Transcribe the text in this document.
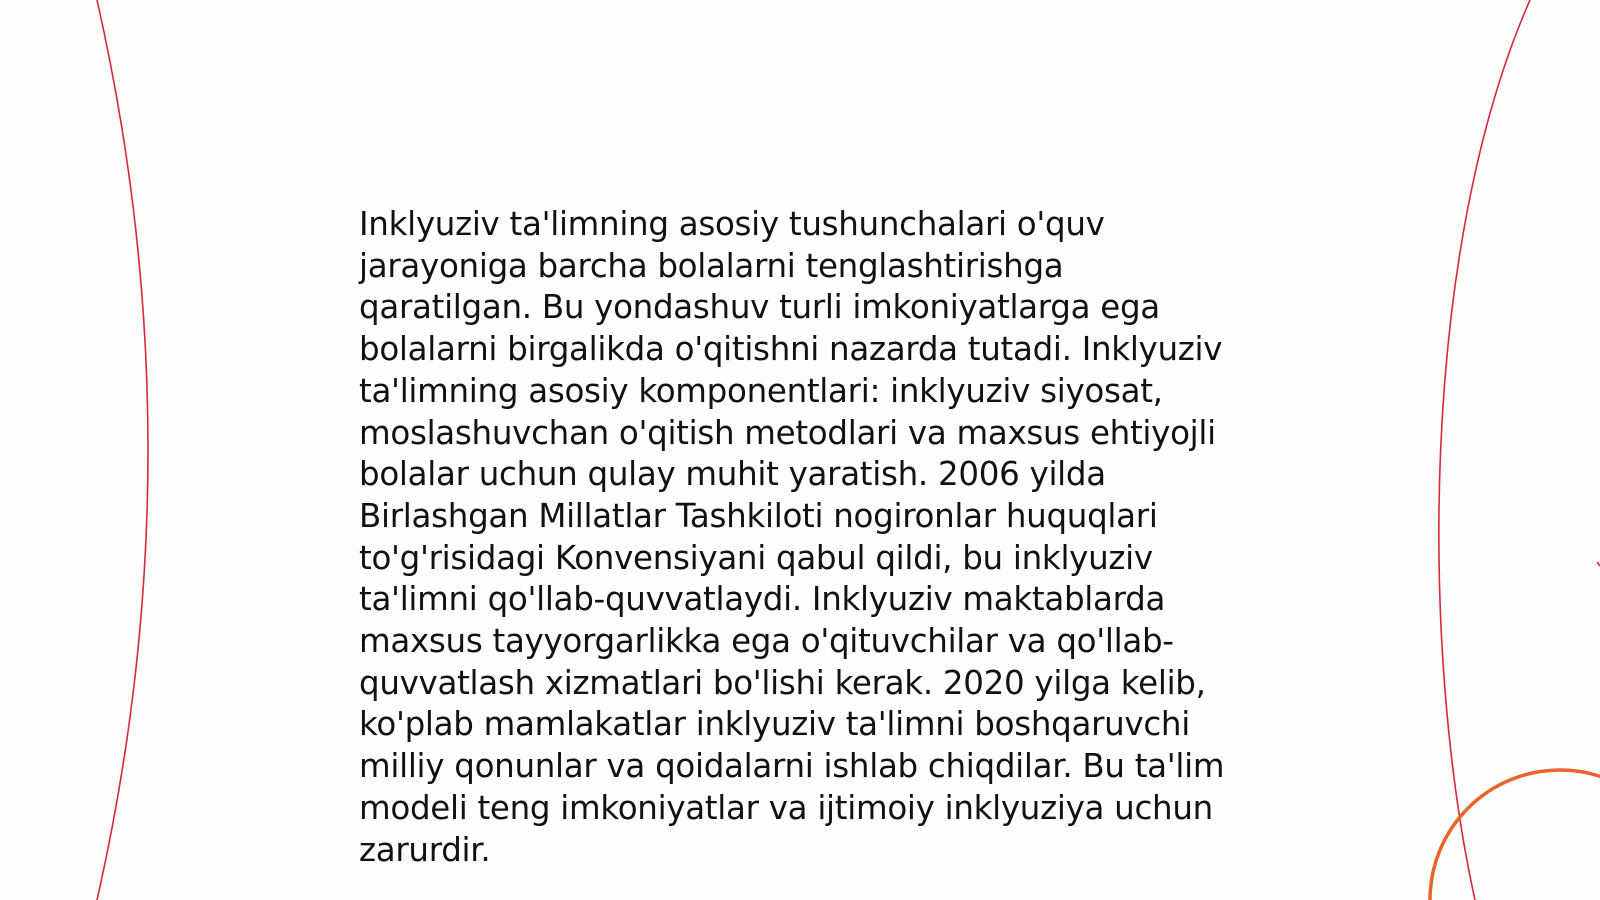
Inklyuziv ta'limning asosiy tushunchalari o'quv jarayoniga barcha bolalarni tenglashtirishga qaratilgan. Bu yondashuv turli imkoniyatlarga ega bolalarni birgalikda o'qitishni nazarda tutadi. Inklyuziv ta'limning asosiy komponentlari: inklyuziv siyosat, moslashuvchan o'qitish metodlari va maxsus ehtiyojli bolalar uchun qulay muhit yaratish. 2006 yilda Birlashgan Millatlar Tashkiloti nogironlar huquqlari to'g'risidagi Konvensiyani qabul qildi, bu inklyuziv ta'limni qo'llab-quvvatlaydi. Inklyuziv maktablarda maxsus tayyorgarlikka ega o'qituvchilar va qo'llab-quvvatlash xizmatlari bo'lishi kerak. 2020 yilga kelib, ko'plab mamlakatlar inklyuziv ta'limni boshqaruvchi milliy qonunlar va qoidalarni ishlab chiqdilar. Bu ta'lim modeli teng imkoniyatlar va ijtimoiy inklyuziya uchun zarurdir.
